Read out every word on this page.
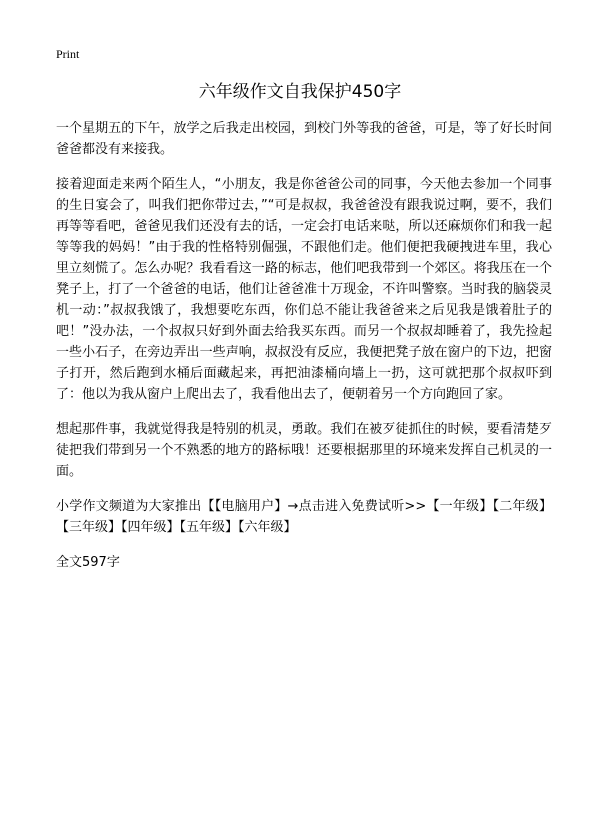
Print
六年级作文自我保护450字

一个星期五的下午，放学之后我走出校园，到校门外等我的爸爸，可是，等了好长时间爸爸都没有来接我。

接着迎面走来两个陌生人，“小朋友，我是你爸爸公司的同事，今天他去参加一个同事的生日宴会了，叫我们把你带过去，”“可是叔叔，我爸爸没有跟我说过啊，要不，我们再等等看吧，爸爸见我们还没有去的话，一定会打电话来哒，所以还麻烦你们和我一起等等我的妈妈！”由于我的性格特别倔强，不跟他们走。他们便把我硬拽进车里，我心里立刻慌了。怎么办呢？我看看这一路的标志，他们吧我带到一个郊区。将我压在一个凳子上，打了一个爸爸的电话，他们让爸爸准十万现金，不许叫警察。当时我的脑袋灵机一动：”叔叔我饿了，我想要吃东西，你们总不能让我爸爸来之后见我是饿着肚子的吧！”没办法，一个叔叔只好到外面去给我买东西。而另一个叔叔却睡着了，我先捡起一些小石子，在旁边弄出一些声响，叔叔没有反应，我便把凳子放在窗户的下边，把窗子打开，然后跑到水桶后面藏起来，再把油漆桶向墙上一扔，这可就把那个叔叔吓到了：他以为我从窗户上爬出去了，我看他出去了，便朝着另一个方向跑回了家。

想起那件事，我就觉得我是特别的机灵，勇敢。我们在被歹徒抓住的时候，要看清楚歹徒把我们带到另一个不熟悉的地方的路标哦！还要根据那里的环境来发挥自己机灵的一面。

小学作文频道为大家推出【【电脑用户】→点击进入免费试听>>【一年级】【二年级】【三年级】【四年级】【五年级】【六年级】

全文597字
